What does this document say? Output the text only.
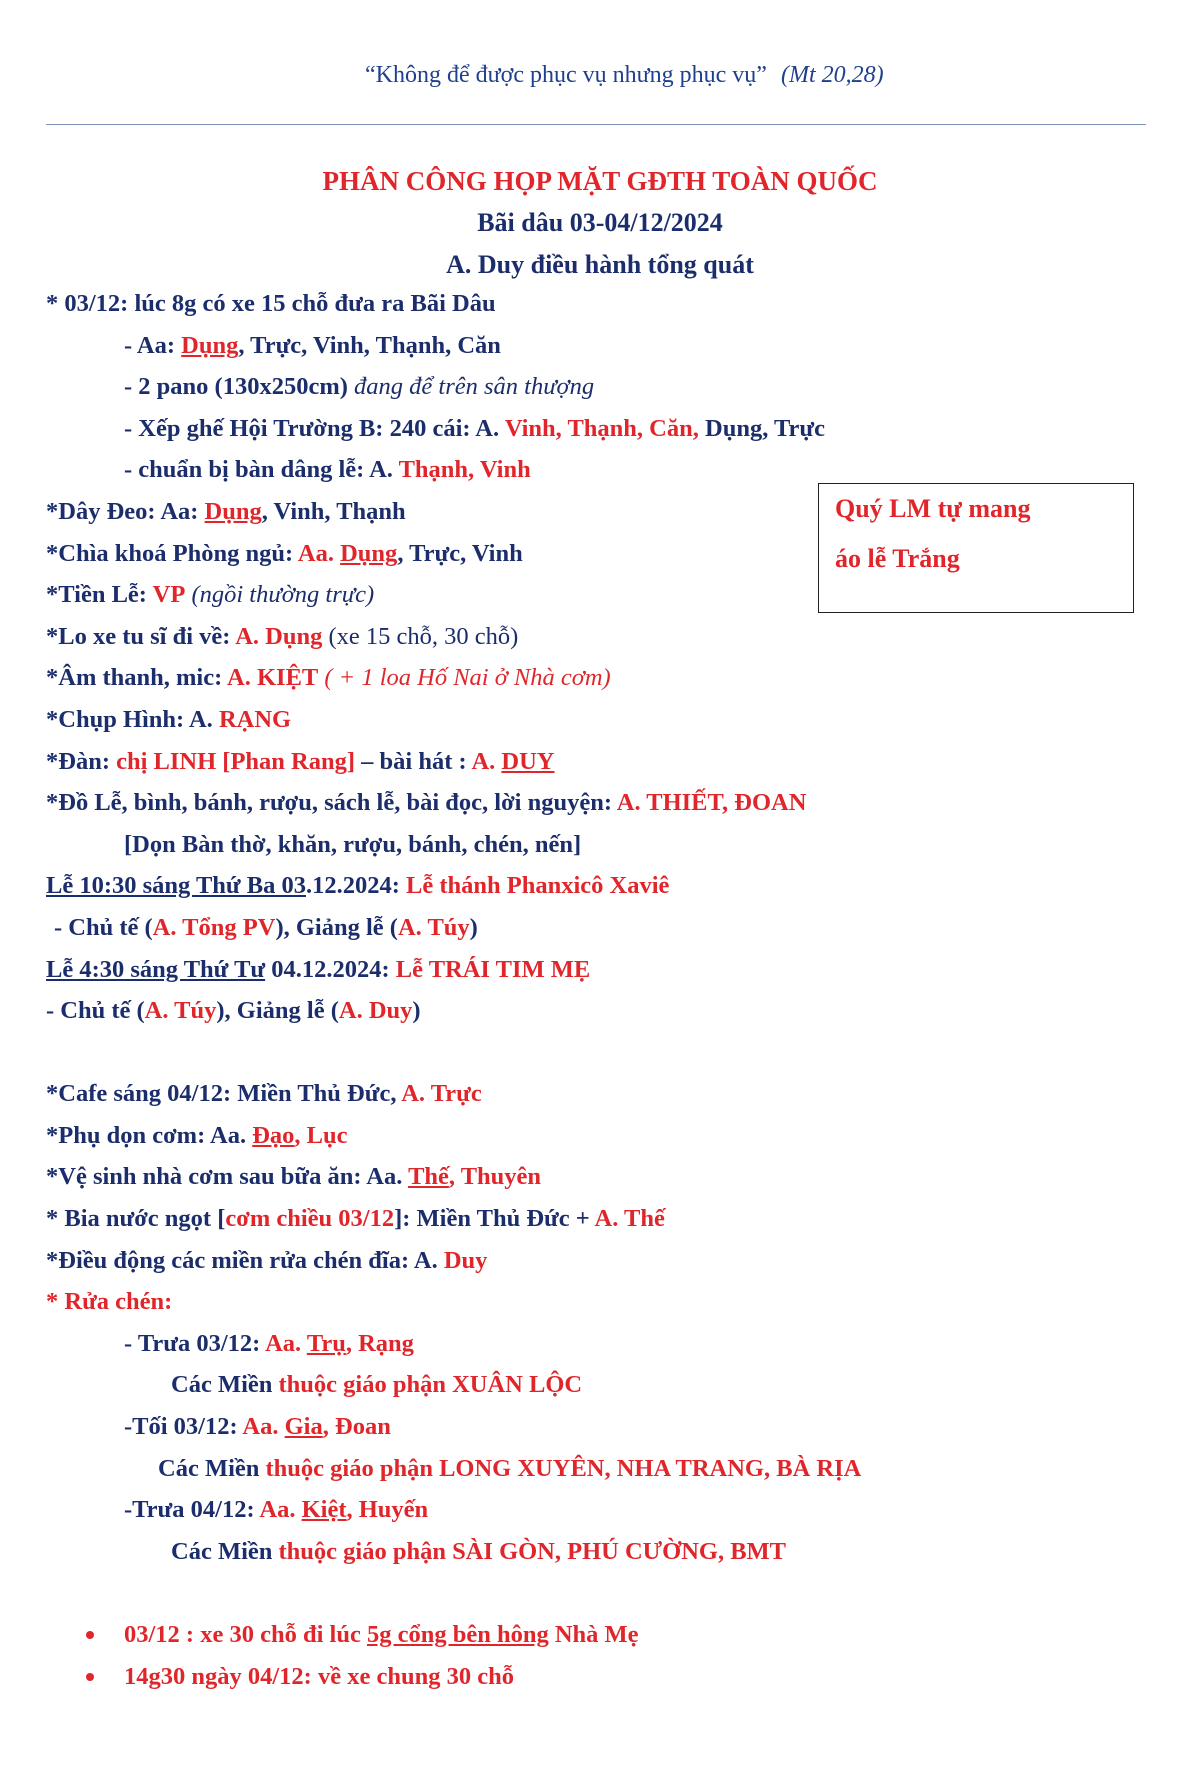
“Không để được phục vụ nhưng phục vụ” (Mt 20,28)
PHÂN CÔNG HỌP MẶT GĐTH TOÀN QUỐC
Bãi dâu 03-04/12/2024
A. Duy điều hành tổng quát
Quý LM tự mang
áo lễ Trắng
* 03/12: lúc 8g có xe 15 chỗ đưa ra Bãi Dâu
- Aa: Dụng, Trực, Vinh, Thạnh, Căn
- 2 pano (130x250cm) đang để trên sân thượng
- Xếp ghế Hội Trường B: 240 cái: A. Vinh, Thạnh, Căn, Dụng, Trực
- chuẩn bị bàn dâng lễ: A. Thạnh, Vinh
*Dây Đeo: Aa: Dụng, Vinh, Thạnh
*Chìa khoá Phòng ngủ: Aa. Dụng, Trực, Vinh
*Tiền Lễ: VP (ngồi thường trực)
*Lo xe tu sĩ đi về: A. Dụng (xe 15 chỗ, 30 chỗ)
*Âm thanh, mic: A. KIỆT ( + 1 loa Hố Nai ở Nhà cơm)
*Chụp Hình: A. RẠNG
*Đàn: chị LINH [Phan Rang] – bài hát : A. DUY
*Đồ Lễ, bình, bánh, rượu, sách lễ, bài đọc, lời nguyện: A. THIẾT, ĐOAN
[Dọn Bàn thờ, khăn, rượu, bánh, chén, nến]
Lễ 10:30 sáng Thứ Ba 03.12.2024: Lễ thánh Phanxicô Xaviê
- Chủ tế (A. Tổng PV), Giảng lễ (A. Túy)
Lễ 4:30 sáng Thứ Tư 04.12.2024: Lễ TRÁI TIM MẸ
- Chủ tế (A. Túy), Giảng lễ (A. Duy)
*Cafe sáng 04/12: Miền Thủ Đức, A. Trực
*Phụ dọn cơm: Aa. Đạo, Lục
*Vệ sinh nhà cơm sau bữa ăn: Aa. Thế, Thuyên
* Bia nước ngọt [cơm chiều 03/12]: Miền Thủ Đức + A. Thế
*Điều động các miền rửa chén đĩa: A. Duy
* Rửa chén:
- Trưa 03/12: Aa. Trụ, Rạng
Các Miền thuộc giáo phận XUÂN LỘC
-Tối 03/12: Aa. Gia, Đoan
Các Miền thuộc giáo phận LONG XUYÊN, NHA TRANG, BÀ RỊA
-Trưa 04/12: Aa. Kiệt, Huyến
Các Miền thuộc giáo phận SÀI GÒN, PHÚ CƯỜNG, BMT
03/12 : xe 30 chỗ đi lúc 5g cổng bên hông Nhà Mẹ
14g30 ngày 04/12: về xe chung 30 chỗ
